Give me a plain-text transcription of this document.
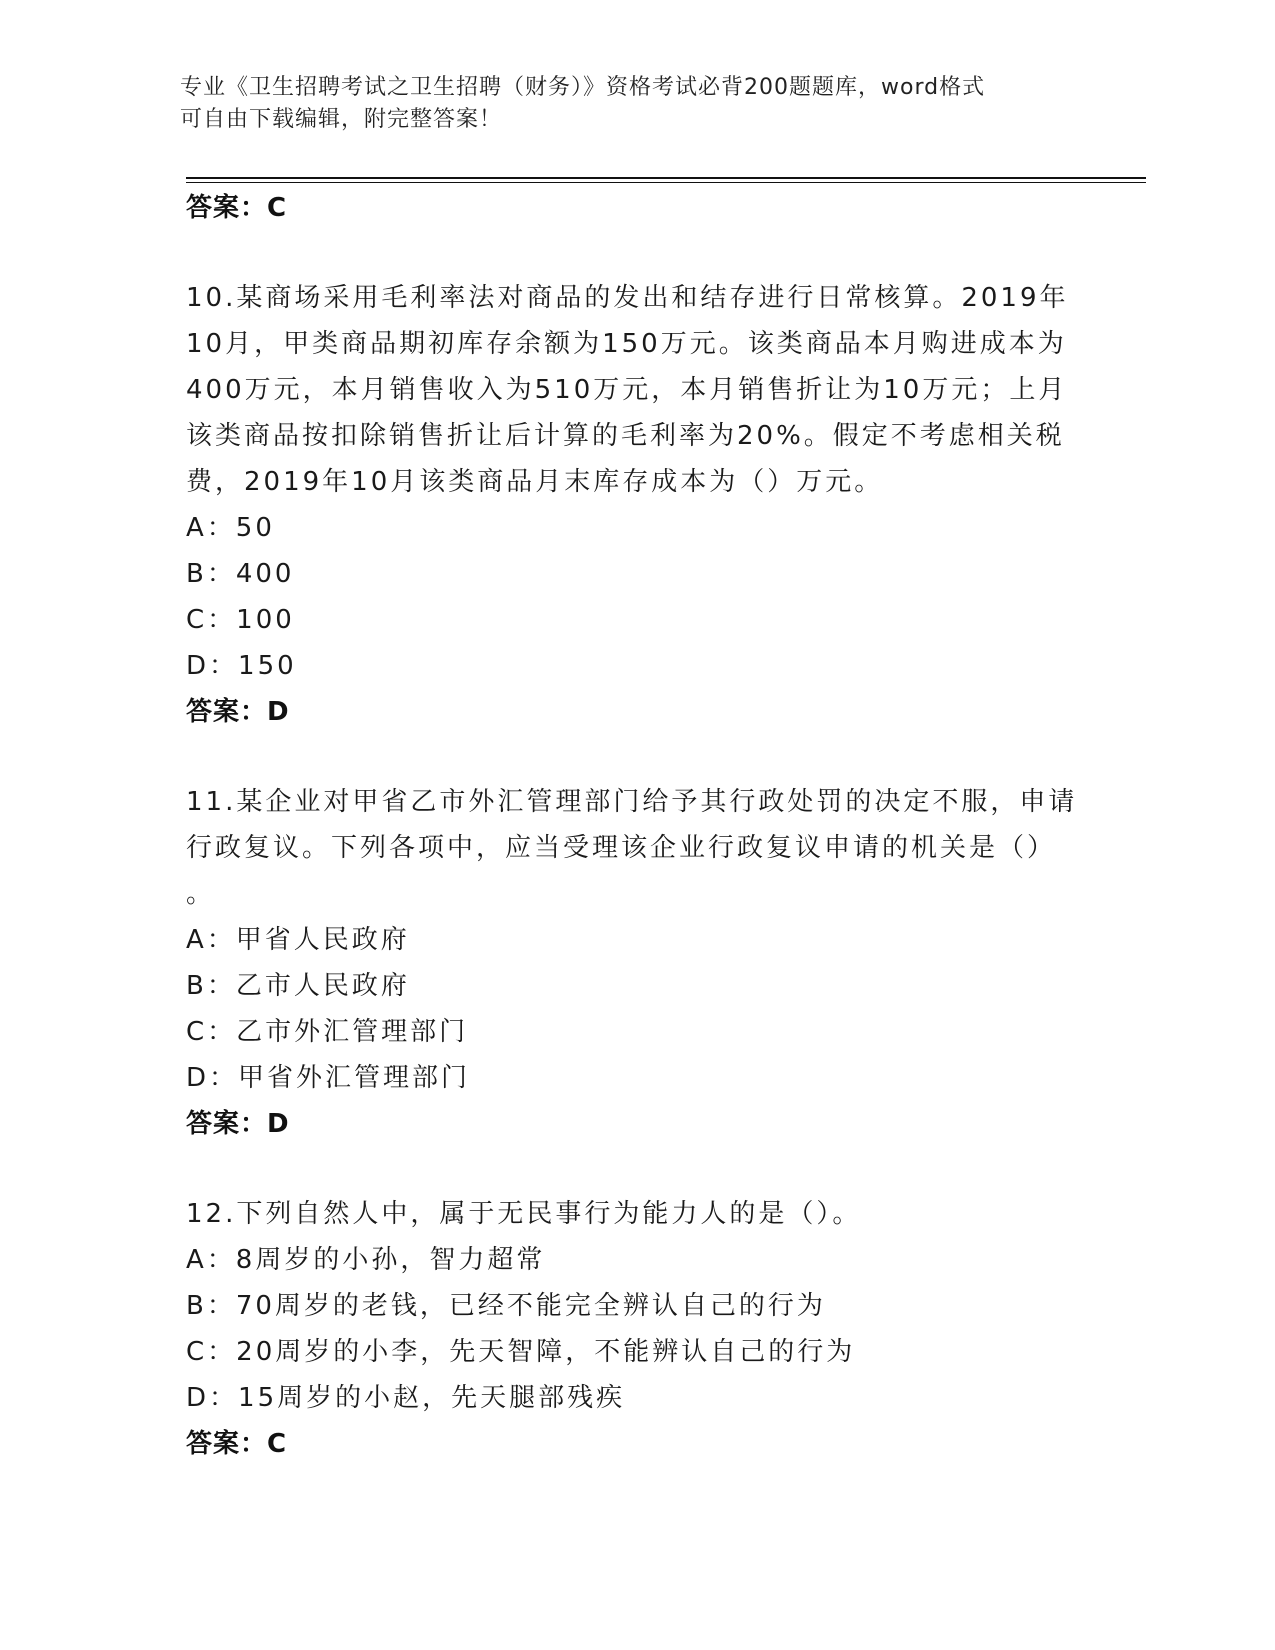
专业《卫生招聘考试之卫生招聘（财务）》资格考试必背200题题库，word格式
可自由下载编辑，附完整答案！
答案：C
10.某商场采用毛利率法对商品的发出和结存进行日常核算。2019年
10月，甲类商品期初库存余额为150万元。该类商品本月购进成本为
400万元，本月销售收入为510万元，本月销售折让为10万元；上月
该类商品按扣除销售折让后计算的毛利率为20%。假定不考虑相关税
费，2019年10月该类商品月末库存成本为（）万元。
A：50
B：400
C：100
D：150
答案：D
11.某企业对甲省乙市外汇管理部门给予其行政处罚的决定不服，申请
行政复议。下列各项中，应当受理该企业行政复议申请的机关是（）
。
A：甲省人民政府
B：乙市人民政府
C：乙市外汇管理部门
D：甲省外汇管理部门
答案：D
12.下列自然人中，属于无民事行为能力人的是（）。
A：8周岁的小孙，智力超常
B：70周岁的老钱，已经不能完全辨认自己的行为
C：20周岁的小李，先天智障，不能辨认自己的行为
D：15周岁的小赵，先天腿部残疾
答案：C
